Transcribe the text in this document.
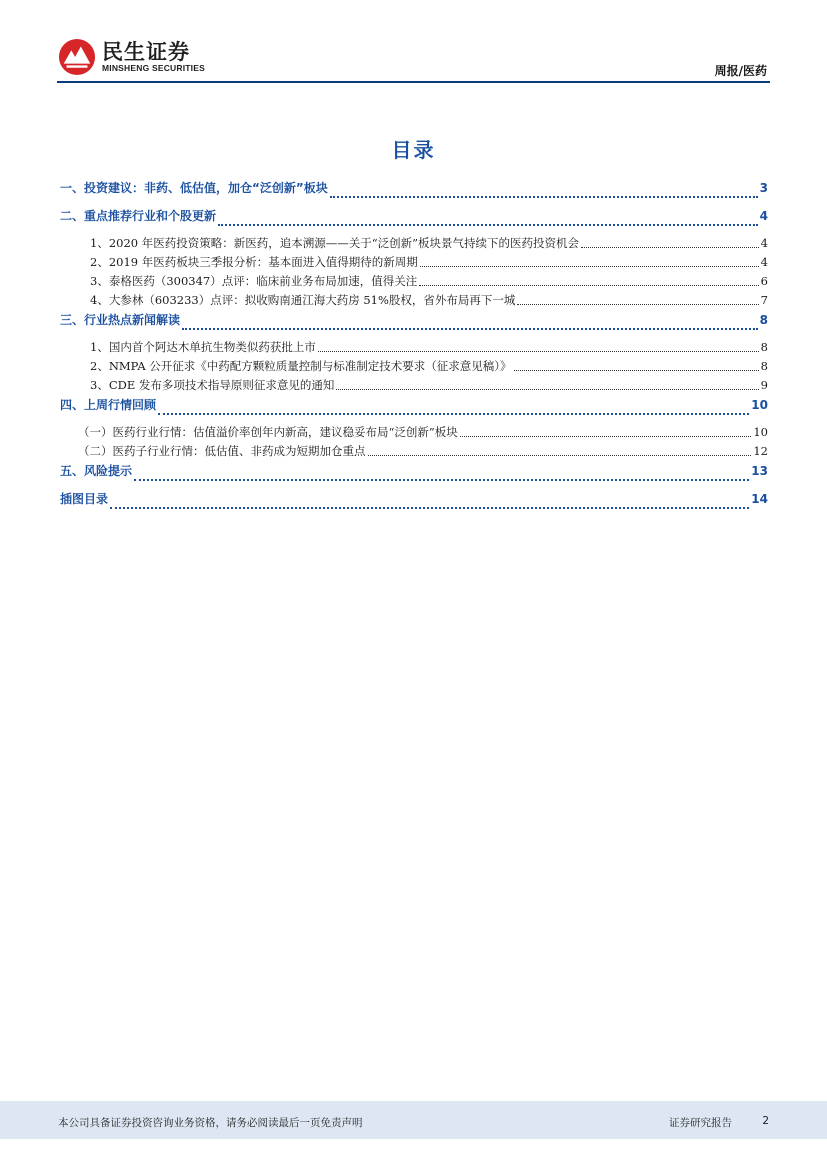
民生证券
MINSHENG SECURITIES	周报/医药
目录
一、投资建议：非药、低估值，加仓“泛创新”板块	3
二、重点推荐行业和个股更新	4
1、2020 年医药投资策略：新医药，追本溯源——关于“泛创新”板块景气持续下的医药投资机会	4
2、2019 年医药板块三季报分析：基本面进入值得期待的新周期	4
3、泰格医药（300347）点评：临床前业务布局加速，值得关注	6
4、大参林（603233）点评：拟收购南通江海大药房 51%股权，省外布局再下一城	7
三、行业热点新闻解读	8
1、国内首个阿达木单抗生物类似药获批上市	8
2、NMPA 公开征求《中药配方颗粒质量控制与标准制定技术要求（征求意见稿）》	8
3、CDE 发布多项技术指导原则征求意见的通知	9
四、上周行情回顾	10
（一）医药行业行情：估值溢价率创年内新高，建议稳妥布局“泛创新”板块	10
（二）医药子行业行情：低估值、非药成为短期加仓重点	12
五、风险提示	13
插图目录	14
本公司具备证券投资咨询业务资格，请务必阅读最后一页免责声明	证券研究报告	2
